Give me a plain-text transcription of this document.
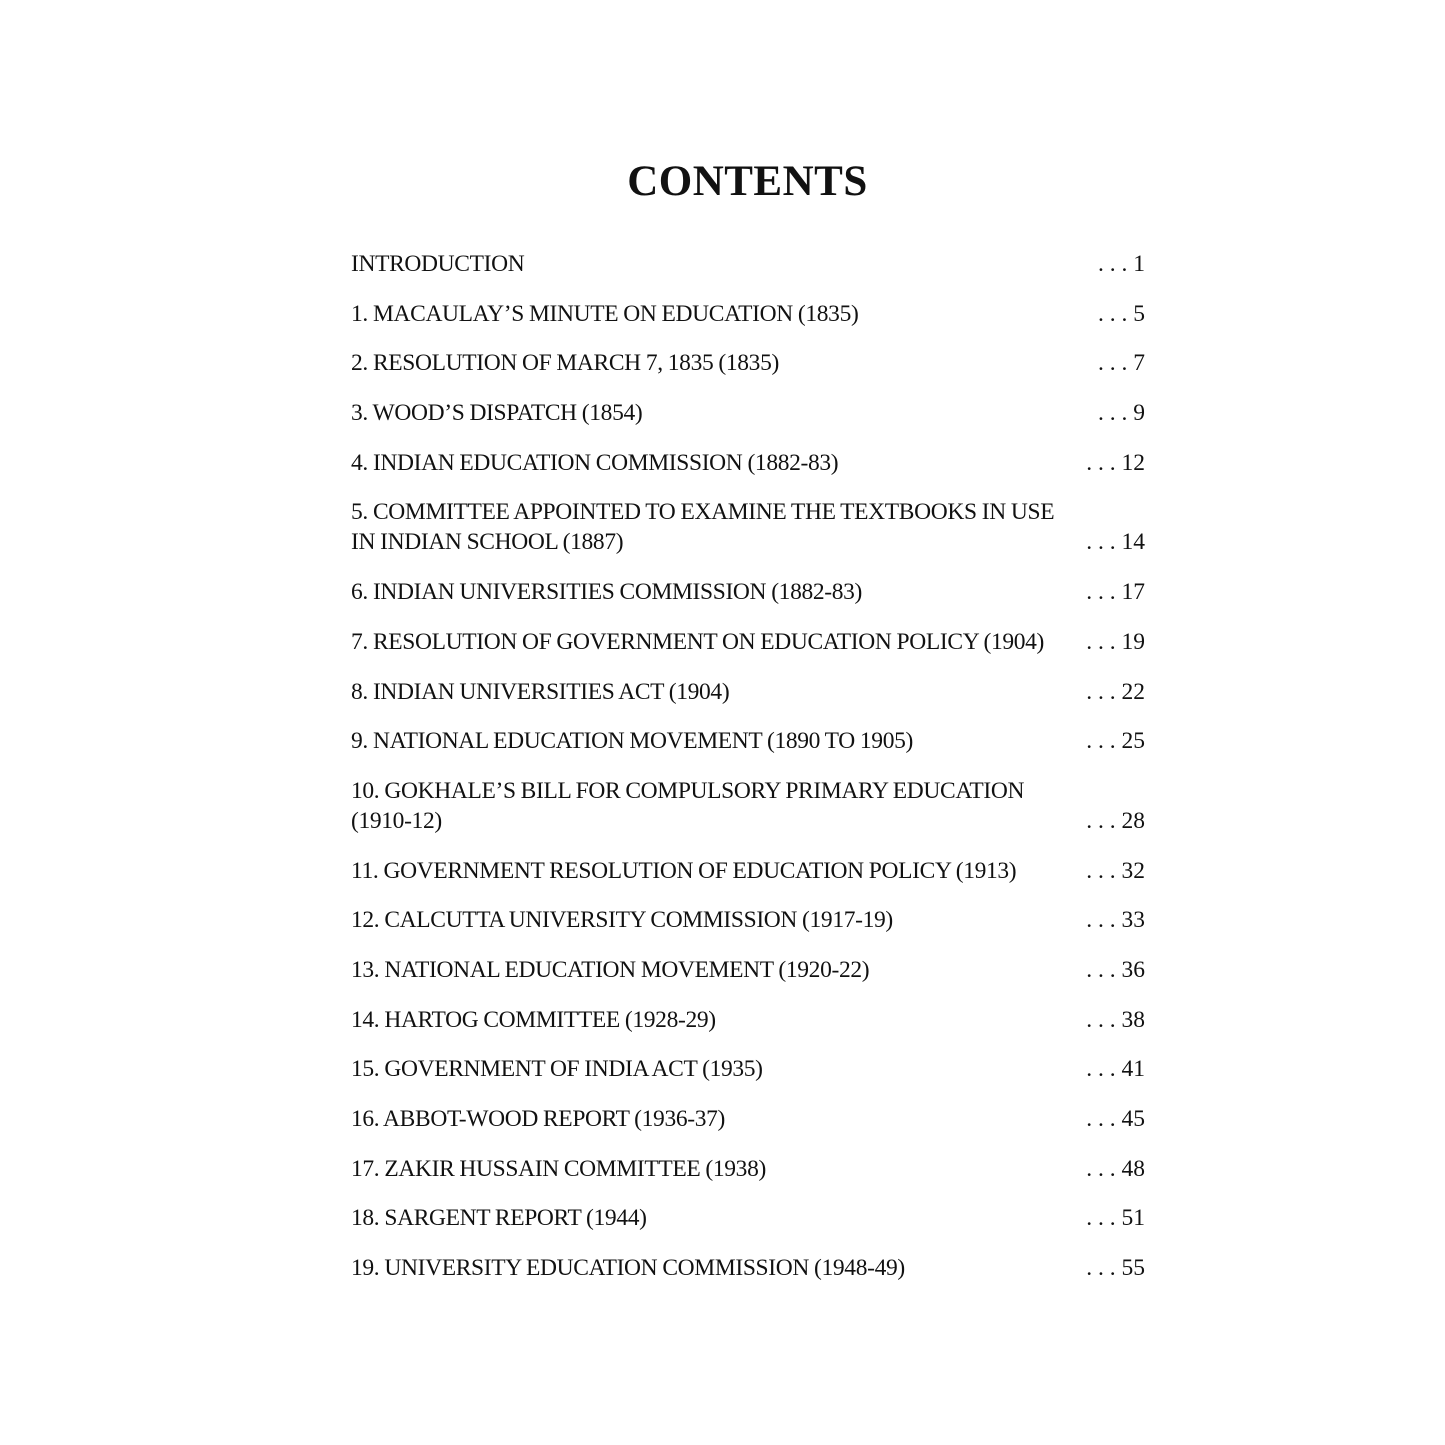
CONTENTS
INTRODUCTION	. . . 1
1. MACAULAY’S MINUTE ON EDUCATION (1835)	. . . 5
2. RESOLUTION OF MARCH 7, 1835 (1835)	. . . 7
3. WOOD’S DISPATCH (1854)	. . . 9
4. INDIAN EDUCATION COMMISSION (1882-83)	. . . 12
5. COMMITTEE APPOINTED TO EXAMINE THE TEXTBOOKS IN USE IN INDIAN SCHOOL (1887)	. . . 14
6. INDIAN UNIVERSITIES COMMISSION (1882-83)	. . . 17
7. RESOLUTION OF GOVERNMENT ON EDUCATION POLICY (1904)	. . . 19
8. INDIAN UNIVERSITIES ACT (1904)	. . . 22
9. NATIONAL EDUCATION MOVEMENT (1890 TO 1905)	. . . 25
10. GOKHALE’S BILL FOR COMPULSORY PRIMARY EDUCATION (1910-12)	. . . 28
11. GOVERNMENT RESOLUTION OF EDUCATION POLICY (1913)	. . . 32
12. CALCUTTA UNIVERSITY COMMISSION (1917-19)	. . . 33
13. NATIONAL EDUCATION MOVEMENT (1920-22)	. . . 36
14. HARTOG COMMITTEE (1928-29)	. . . 38
15. GOVERNMENT OF INDIA ACT (1935)	. . . 41
16. ABBOT-WOOD REPORT (1936-37)	. . . 45
17. ZAKIR HUSSAIN COMMITTEE (1938)	. . . 48
18. SARGENT REPORT (1944)	. . . 51
19. UNIVERSITY EDUCATION COMMISSION (1948-49)	. . . 55
